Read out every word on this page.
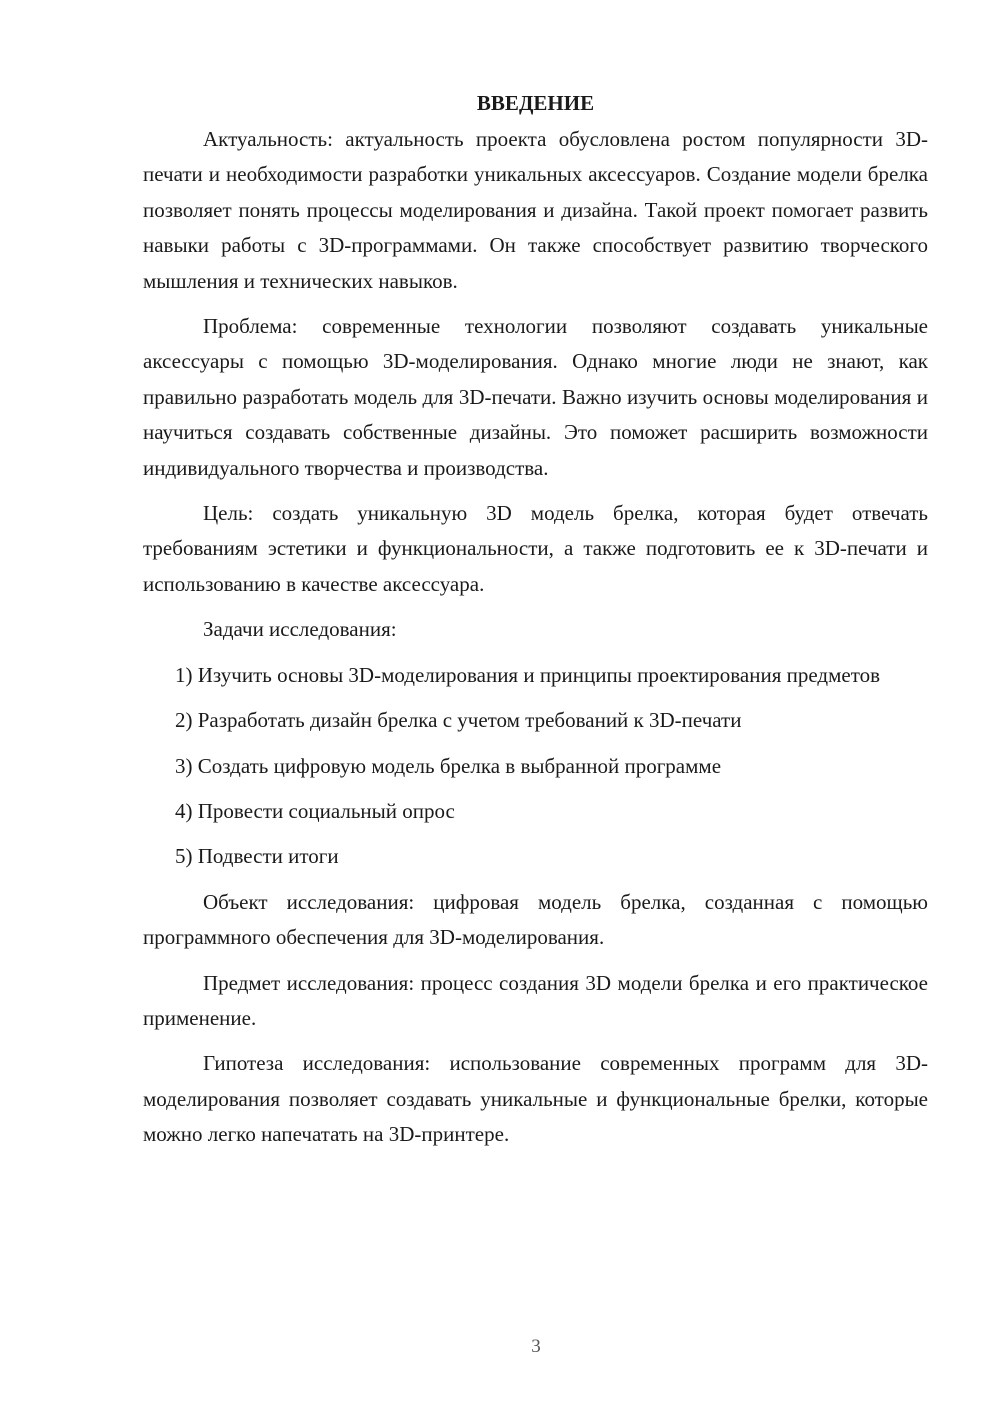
ВВЕДЕНИЕ

Актуальность: актуальность проекта обусловлена ростом популярности 3D-печати и необходимости разработки уникальных аксессуаров. Создание модели брелка позволяет понять процессы моделирования и дизайна. Такой проект помогает развить навыки работы с 3D-программами. Он также способствует развитию творческого мышления и технических навыков.

Проблема: современные технологии позволяют создавать уникальные аксессуары с помощью 3D-моделирования. Однако многие люди не знают, как правильно разработать модель для 3D-печати. Важно изучить основы моделирования и научиться создавать собственные дизайны. Это поможет расширить возможности индивидуального творчества и производства.

Цель: создать уникальную 3D модель брелка, которая будет отвечать требованиям эстетики и функциональности, а также подготовить ее к 3D-печати и использованию в качестве аксессуара.

Задачи исследования:

1) Изучить основы 3D-моделирования и принципы проектирования предметов

2) Разработать дизайн брелка с учетом требований к 3D-печати

3) Создать цифровую модель брелка в выбранной программе

4) Провести социальный опрос

5) Подвести итоги

Объект исследования: цифровая модель брелка, созданная с помощью программного обеспечения для 3D-моделирования.

Предмет исследования: процесс создания 3D модели брелка и его практическое применение.

Гипотеза исследования: использование современных программ для 3D-моделирования позволяет создавать уникальные и функциональные брелки, которые можно легко напечатать на 3D-принтере.

3
